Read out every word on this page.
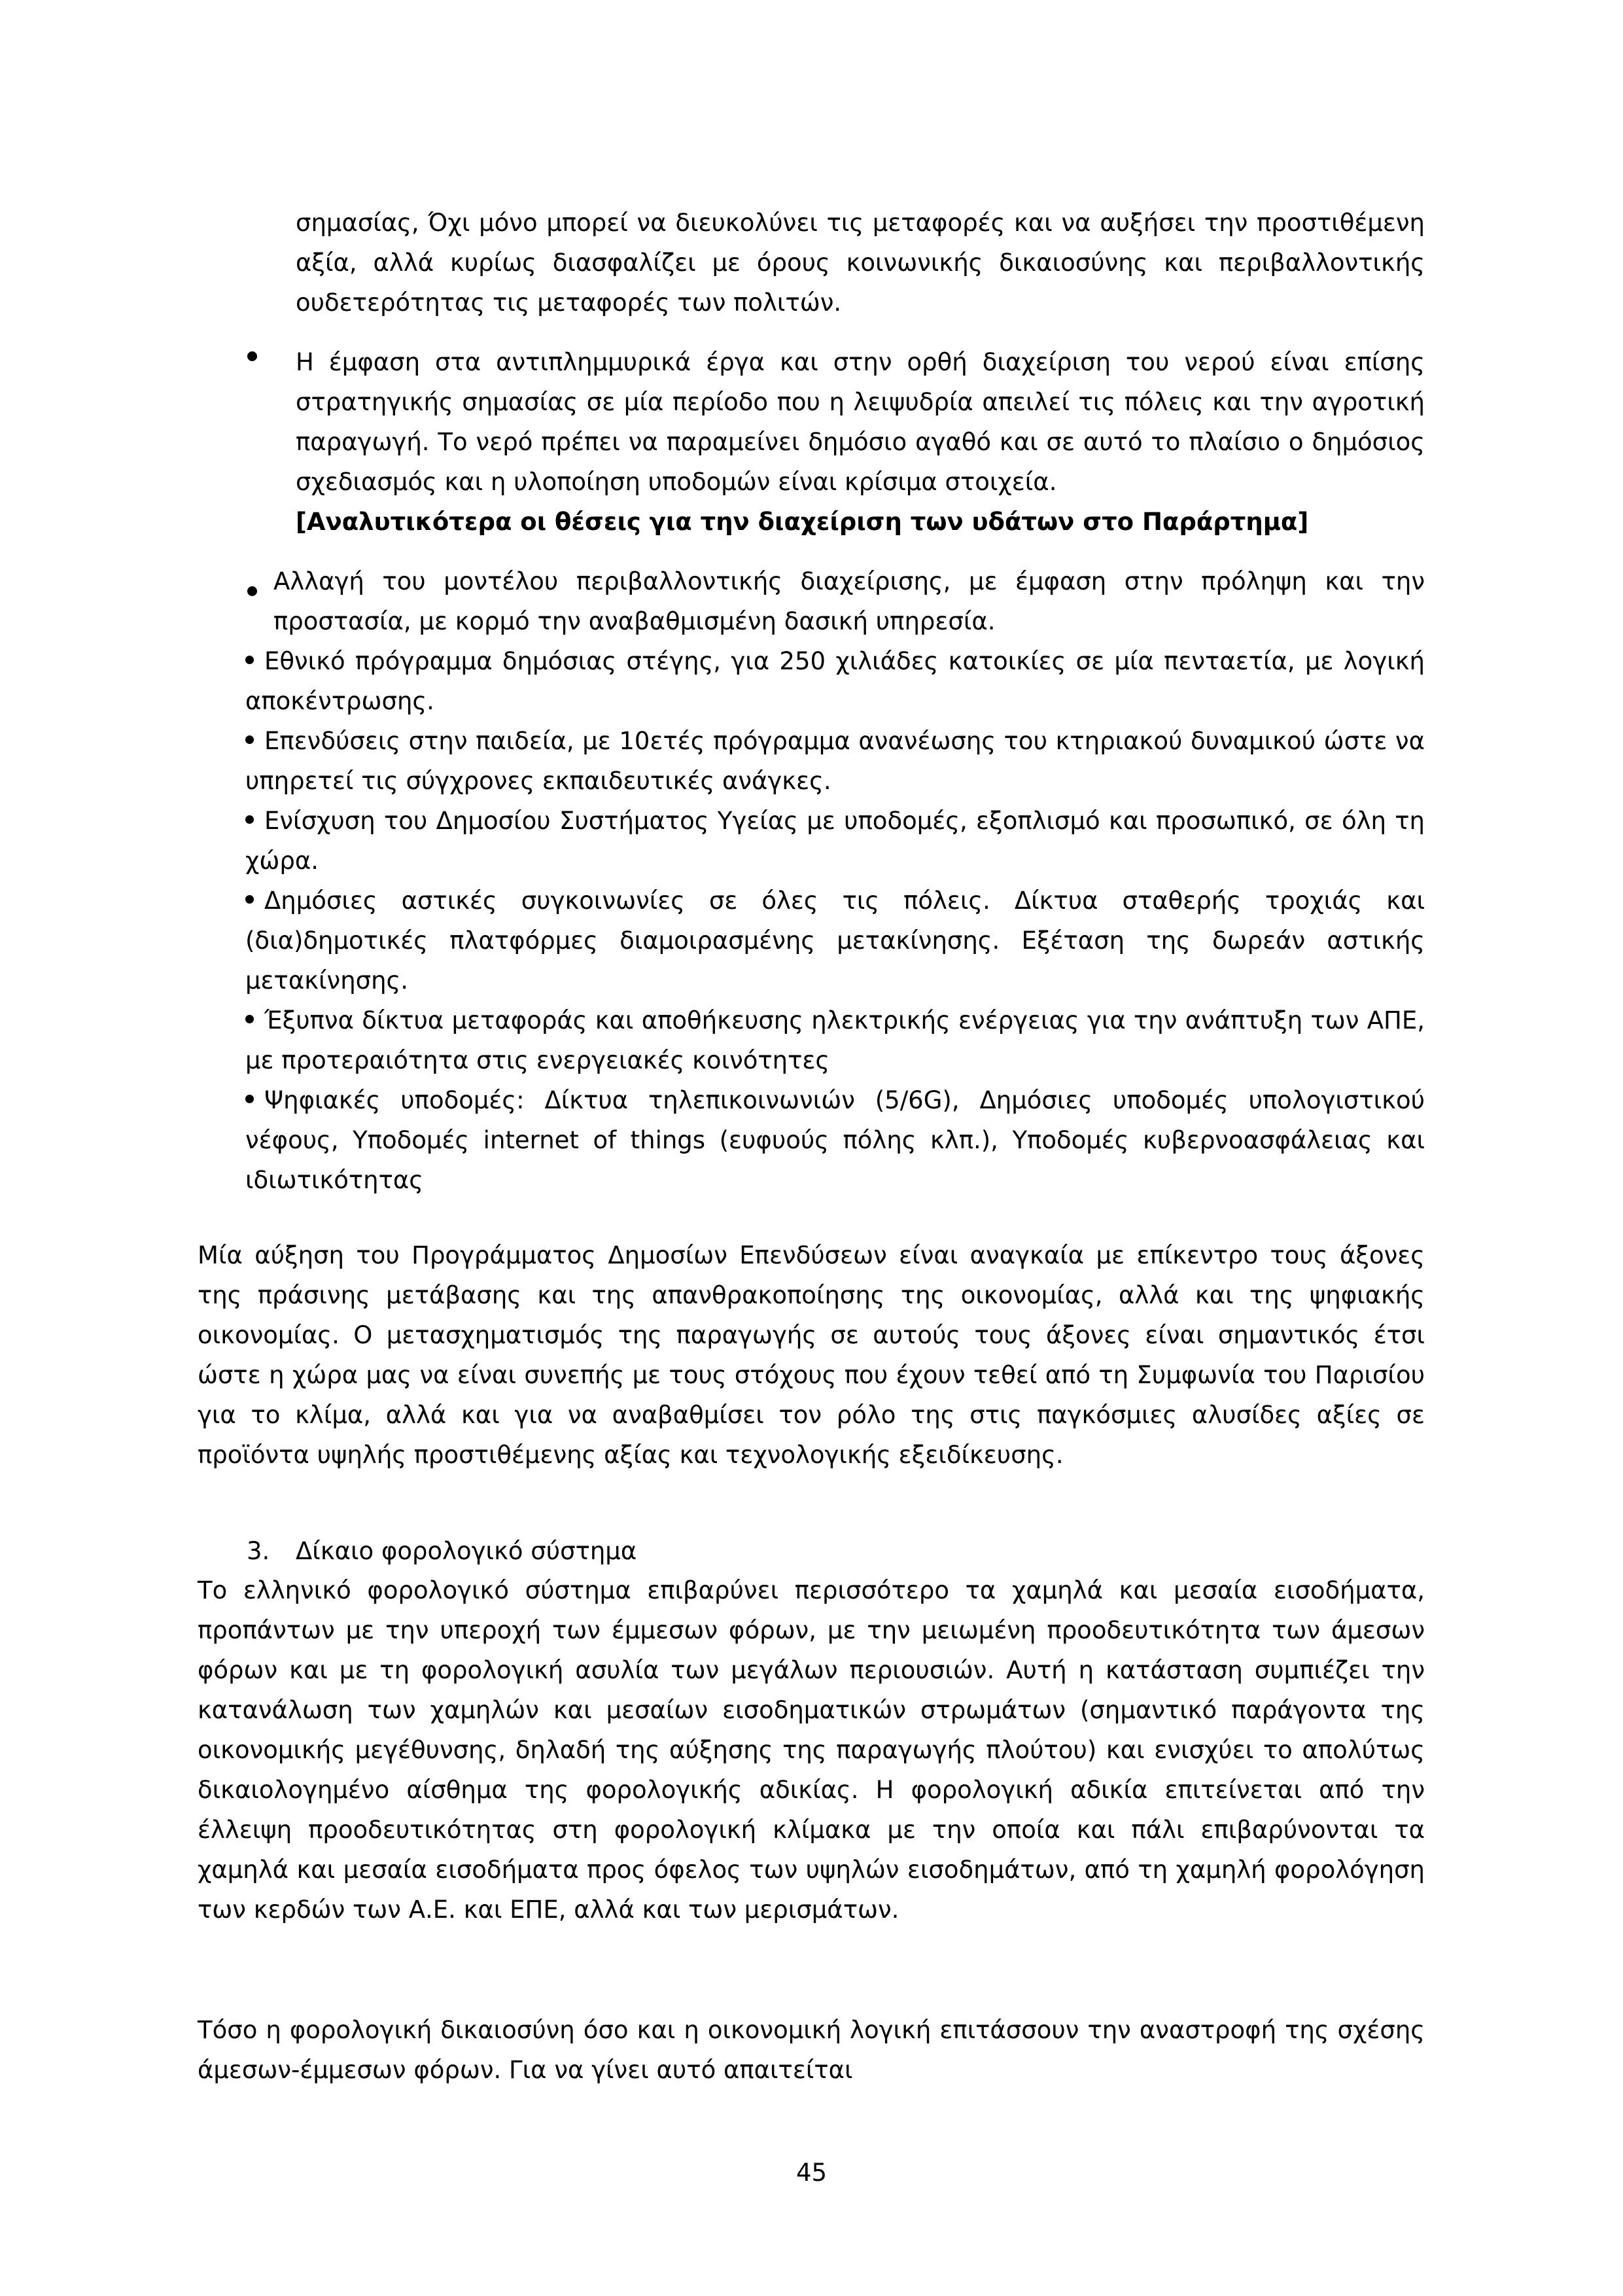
σημασίας, Όχι μόνο μπορεί να διευκολύνει τις μεταφορές και να αυξήσει την προστιθέμενη αξία, αλλά κυρίως διασφαλίζει με όρους κοινωνικής δικαιοσύνης και περιβαλλοντικής ουδετερότητας τις μεταφορές των πολιτών.

Η έμφαση στα αντιπλημμυρικά έργα και στην ορθή διαχείριση του νερού είναι επίσης στρατηγικής σημασίας σε μία περίοδο που η λειψυδρία απειλεί τις πόλεις και την αγροτική παραγωγή. Το νερό πρέπει να παραμείνει δημόσιο αγαθό και σε αυτό το πλαίσιο ο δημόσιος σχεδιασμός και η υλοποίηση υποδομών είναι κρίσιμα στοιχεία.

[Αναλυτικότερα οι θέσεις για την διαχείριση των υδάτων στο Παράρτημα]

Αλλαγή του μοντέλου περιβαλλοντικής διαχείρισης, με έμφαση στην πρόληψη και την προστασία, με κορμό την αναβαθμισμένη δασική υπηρεσία.

Εθνικό πρόγραμμα δημόσιας στέγης, για 250 χιλιάδες κατοικίες σε μία πενταετία, με λογική αποκέντρωσης.

Επενδύσεις στην παιδεία, με 10ετές πρόγραμμα ανανέωσης του κτηριακού δυναμικού ώστε να υπηρετεί τις σύγχρονες εκπαιδευτικές ανάγκες.

Ενίσχυση του Δημοσίου Συστήματος Υγείας με υποδομές, εξοπλισμό και προσωπικό, σε όλη τη χώρα.

Δημόσιες αστικές συγκοινωνίες σε όλες τις πόλεις. Δίκτυα σταθερής τροχιάς και (δια)δημοτικές πλατφόρμες διαμοιρασμένης μετακίνησης. Εξέταση της δωρεάν αστικής μετακίνησης.

Έξυπνα δίκτυα μεταφοράς και αποθήκευσης ηλεκτρικής ενέργειας για την ανάπτυξη των ΑΠΕ, με προτεραιότητα στις ενεργειακές κοινότητες

Ψηφιακές υποδομές: Δίκτυα τηλεπικοινωνιών (5/6G), Δημόσιες υποδομές υπολογιστικού νέφους, Υποδομές internet of things (ευφυούς πόλης κλπ.), Υποδομές κυβερνοασφάλειας και ιδιωτικότητας

Μία αύξηση του Προγράμματος Δημοσίων Επενδύσεων είναι αναγκαία με επίκεντρο τους άξονες της πράσινης μετάβασης και της απανθρακοποίησης της οικονομίας, αλλά και της ψηφιακής οικονομίας. Ο μετασχηματισμός της παραγωγής σε αυτούς τους άξονες είναι σημαντικός έτσι ώστε η χώρα μας να είναι συνεπής με τους στόχους που έχουν τεθεί από τη Συμφωνία του Παρισίου για το κλίμα, αλλά και για να αναβαθμίσει τον ρόλο της στις παγκόσμιες αλυσίδες αξίες σε προϊόντα υψηλής προστιθέμενης αξίας και τεχνολογικής εξειδίκευσης.

3. Δίκαιο φορολογικό σύστημα

Το ελληνικό φορολογικό σύστημα επιβαρύνει περισσότερο τα χαμηλά και μεσαία εισοδήματα, προπάντων με την υπεροχή των έμμεσων φόρων, με την μειωμένη προοδευτικότητα των άμεσων φόρων και με τη φορολογική ασυλία των μεγάλων περιουσιών. Αυτή η κατάσταση συμπιέζει την κατανάλωση των χαμηλών και μεσαίων εισοδηματικών στρωμάτων (σημαντικό παράγοντα της οικονομικής μεγέθυνσης, δηλαδή της αύξησης της παραγωγής πλούτου) και ενισχύει το απολύτως δικαιολογημένο αίσθημα της φορολογικής αδικίας. Η φορολογική αδικία επιτείνεται από την έλλειψη προοδευτικότητας στη φορολογική κλίμακα με την οποία και πάλι επιβαρύνονται τα χαμηλά και μεσαία εισοδήματα προς όφελος των υψηλών εισοδημάτων, από τη χαμηλή φορολόγηση των κερδών των Α.Ε. και ΕΠΕ, αλλά και των μερισμάτων.

Τόσο η φορολογική δικαιοσύνη όσο και η οικονομική λογική επιτάσσουν την αναστροφή της σχέσης άμεσων-έμμεσων φόρων. Για να γίνει αυτό απαιτείται

45
